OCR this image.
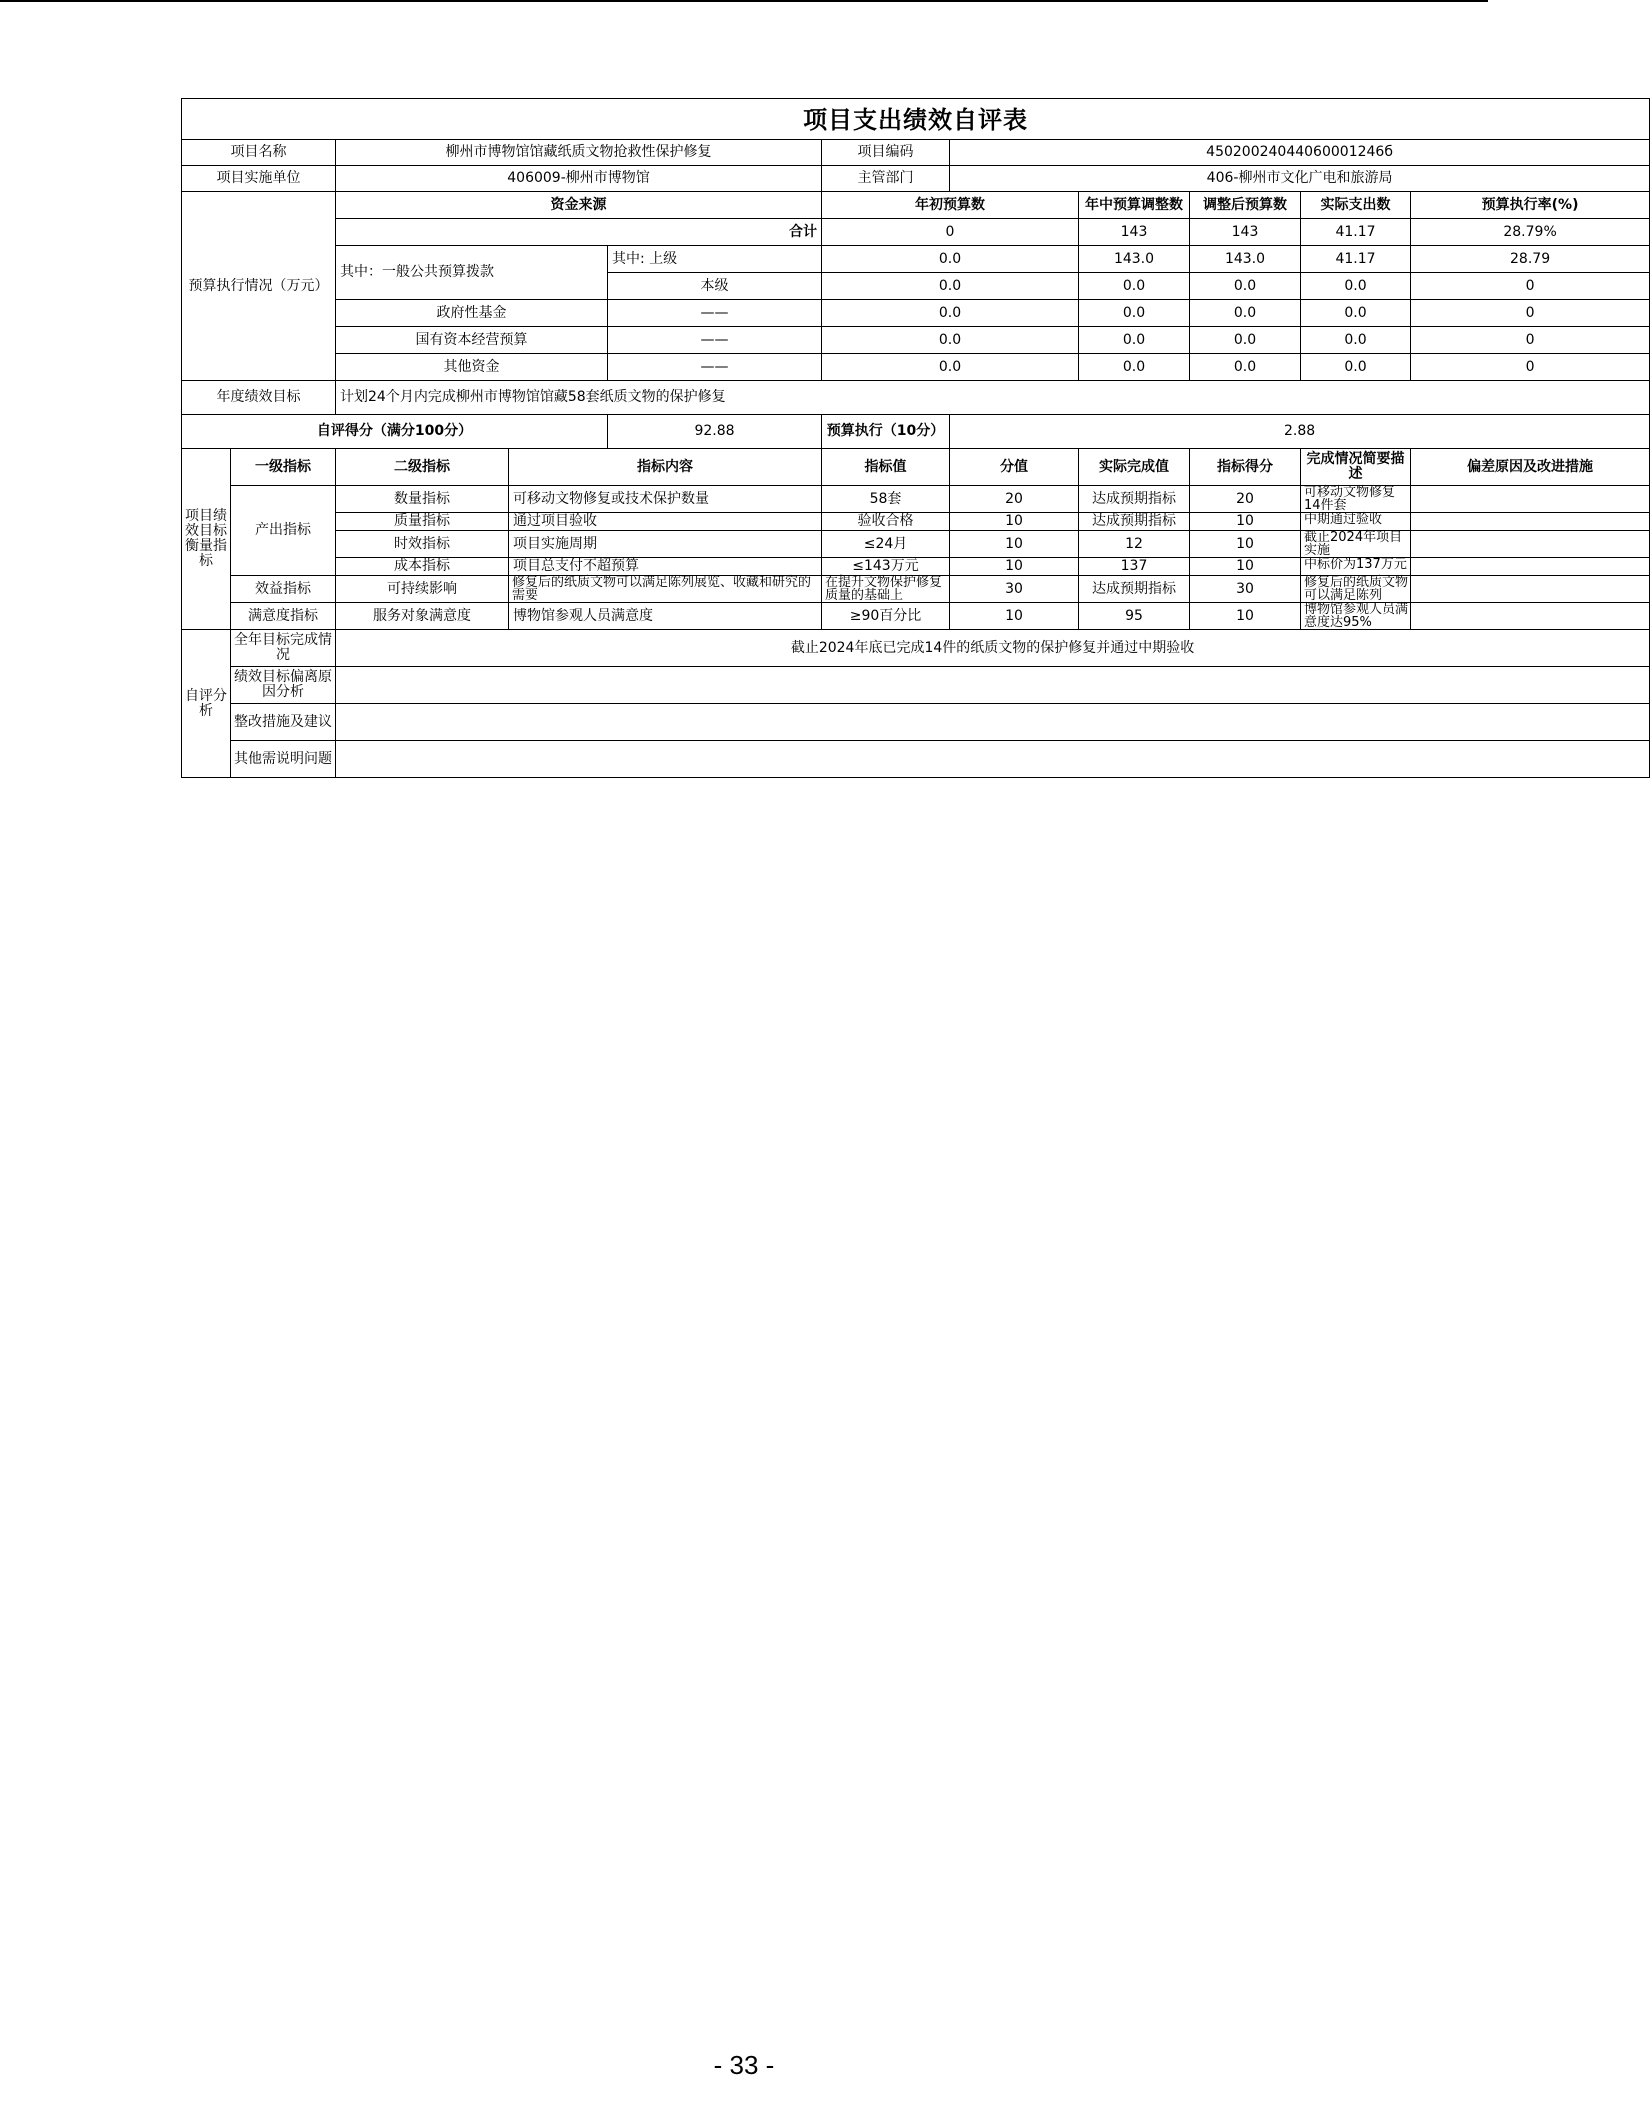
项目支出绩效自评表										
项目名称		柳州市博物馆馆藏纸质文物抢救性保护修复			项目编码	45020024044060001246б				
项目实施单位		406009-柳州市博物馆			主管部门	406-柳州市文化广电和旅游局				
预算执行情况（万元）		资金来源			年初预算数		年中预算调整数	调整后预算数	实际支出数	预算执行率(%)
		合计			0		143	143	41.17	28.79%
		其中：一般公共预算拨款		其中: 上级	0.0		143.0	143.0	41.17	28.79
				本级	0.0		0.0	0.0	0.0	0
		政府性基金		——	0.0		0.0	0.0	0.0	0
		国有资本经营预算		——	0.0		0.0	0.0	0.0	0
		其他资金		——	0.0		0.0	0.0	0.0	0
年度绩效目标		计划24个月内完成柳州市博物馆馆藏58套纸质文物的保护修复								
自评得分（满分100分）				92.88	预算执行（10分）	2.88				
项目绩效目标衡量指标	一级指标	二级指标	指标内容		指标值	分值	实际完成值	指标得分	完成情况简要描述	偏差原因及改进措施
	产出指标	数量指标	可移动文物修复或技术保护数量		58套	20	达成预期指标	20	可移动文物修复14件套	
		质量指标	通过项目验收		验收合格	10	达成预期指标	10	中期通过验收	
		时效指标	项目实施周期		≤24月	10	12	10	截止2024年项目实施	
		成本指标	项目总支付不超预算		≤143万元	10	137	10	中标价为137万元	
	效益指标	可持续影响	修复后的纸质文物可以满足陈列展览、收藏和研究的需要		在提升文物保护修复质量的基础上	30	达成预期指标	30	修复后的纸质文物可以满足陈列	
	满意度指标	服务对象满意度	博物馆参观人员满意度		≥90百分比	10	95	10	博物馆参观人员满意度达95%	
自评分析	全年目标完成情况	截止2024年底已完成14件的纸质文物的保护修复并通过中期验收								
	绩效目标偏离原因分析									
	整改措施及建议									
	其他需说明问题									
- 33 -
